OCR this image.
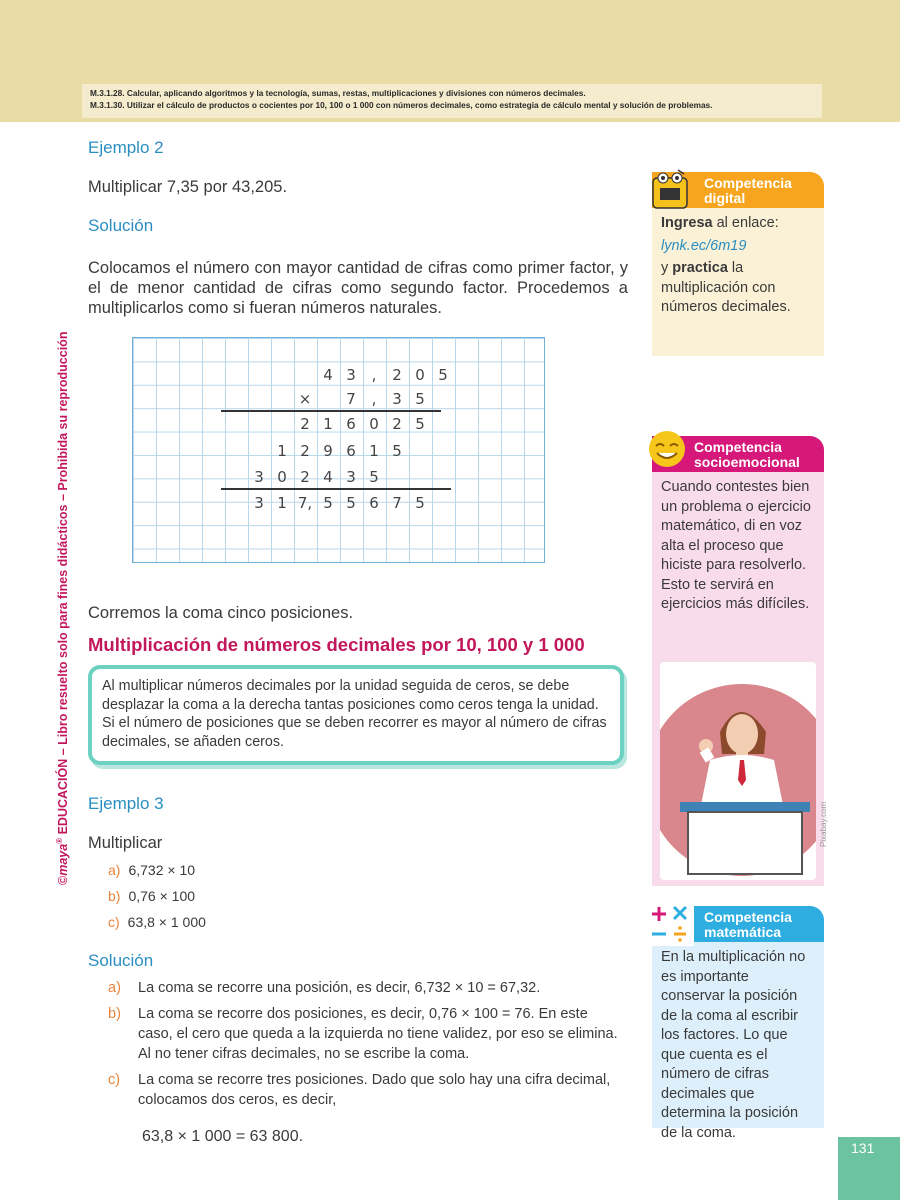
M.3.1.28. Calcular, aplicando algoritmos y la tecnología, sumas, restas, multiplicaciones y divisiones con números decimales.
M.3.1.30. Utilizar el cálculo de productos o cocientes por 10, 100 o 1 000 con números decimales, como estrategia de cálculo mental y solución de problemas.
©maya® EDUCACIÓN – Libro resuelto solo para fines didácticos – Prohibida su reproducción
Ejemplo 2
Multiplicar 7,35 por 43,205.
Solución
Colocamos el número con mayor cantidad de cifras como primer factor, y el de menor cantidad de cifras como segundo factor. Procedemos a multiplicarlos como si fueran números naturales.
4 3	,	2 0 5
×	7	,	3 5
2 1 6 0 2 5
1 2 9 6 1 5
3 0 2 4 3 5
3 1 7, 5 5 6 7 5
Corremos la coma cinco posiciones.
Multiplicación de números decimales por 10, 100 y 1 000

Al multiplicar números decimales por la unidad seguida de ceros, se debe desplazar la coma a la derecha tantas posiciones como ceros tenga la unidad. Si el número de posiciones que se deben recorrer es mayor al número de cifras decimales, se añaden ceros.

Ejemplo 3
Multiplicar
a) 6,732 × 10
b) 0,76 × 100
c) 63,8 × 1 000
Solución
a)	La coma se recorre una posición, es decir, 6,732 × 10 = 67,32.
b)	La coma se recorre dos posiciones, es decir, 0,76 × 100 = 76. En este caso, el cero que queda a la izquierda no tiene validez, por eso se elimina. Al no tener cifras decimales, no se escribe la coma.
c)	La coma se recorre tres posiciones. Dado que solo hay una cifra decimal, colocamos dos ceros, es decir,
63,8 × 1 000 = 63 800.
Competencia
digital
Ingresa al enlace:
lynk.ec/6m19
y practica la multiplicación con números decimales.
Competencia
socioemocional
Cuando contestes bien un problema o ejercicio matemático, di en voz alta el proceso que hiciste para resolverlo. Esto te servirá en ejercicios más difíciles.
Pixabay.com
Competencia
matemática
En la multiplicación no es importante conservar la posición de la coma al escribir los factores. Lo que que cuenta es el número de cifras decimales que determina la posición de la coma.
131
